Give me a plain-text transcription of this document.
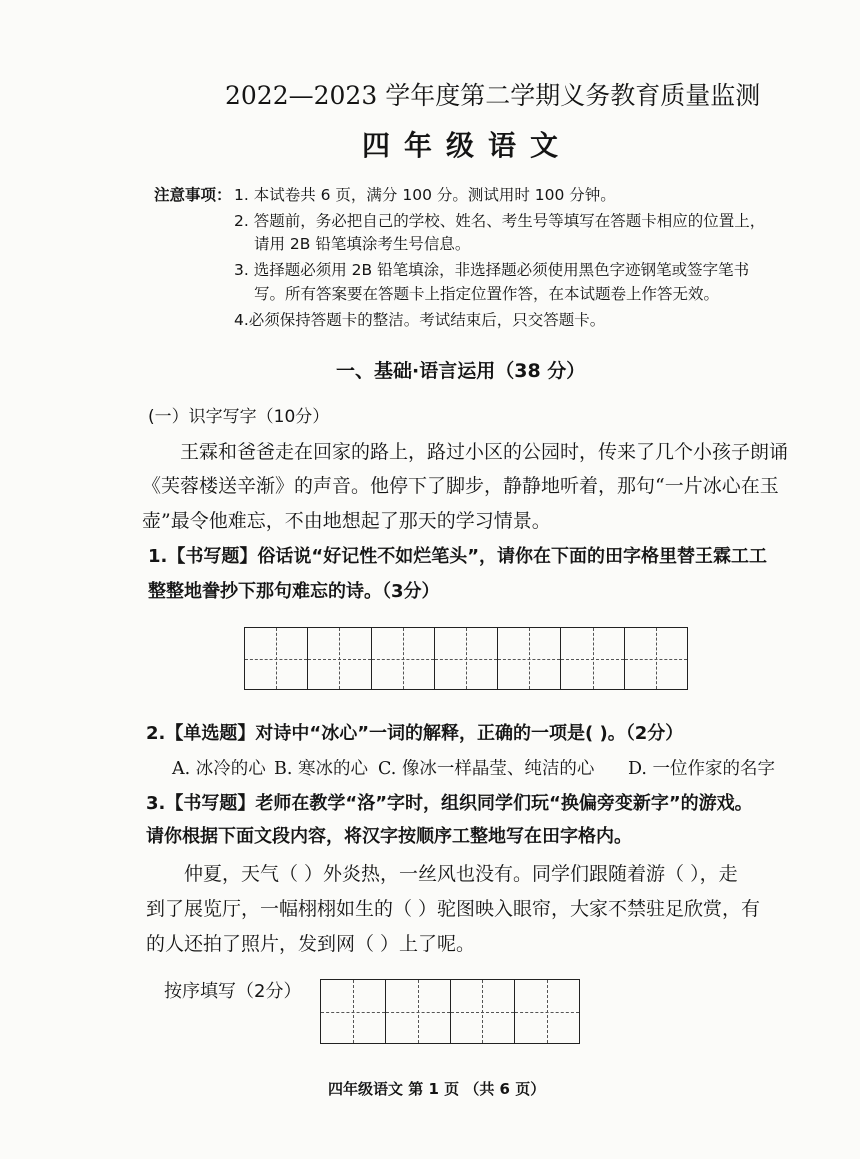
2022—2023 学年度第二学期义务教育质量监测
四年级语文
注意事项： 1. 本试卷共 6 页，满分 100 分。测试用时 100 分钟。
2. 答题前，务必把自己的学校、姓名、考生号等填写在答题卡相应的位置上，
请用 2B 铅笔填涂考生号信息。
3. 选择题必须用 2B 铅笔填涂，非选择题必须使用黑色字迹钢笔或签字笔书
写。所有答案要在答题卡上指定位置作答，在本试题卷上作答无效。
4.必须保持答题卡的整洁。考试结束后，只交答题卡。
一、基础·语言运用（38 分）
(一）识字写字（10分）
王霖和爸爸走在回家的路上，路过小区的公园时，传来了几个小孩子朗诵
《芙蓉楼送辛渐》的声音。他停下了脚步，静静地听着，那句“一片冰心在玉
壶”最令他难忘，不由地想起了那天的学习情景。
1.【书写题】俗话说“好记性不如烂笔头”，请你在下面的田字格里替王霖工工
整整地誊抄下那句难忘的诗。（3分）
2.【单选题】对诗中“冰心”一词的解释，正确的一项是( )。（2分）
A. 冰冷的心 B. 寒冰的心 C. 像冰一样晶莹、纯洁的心 D. 一位作家的名字
3.【书写题】老师在教学“洛”字时，组织同学们玩“换偏旁变新字”的游戏。
请你根据下面文段内容，将汉字按顺序工整地写在田字格内。
仲夏，天气（ ）外炎热，一丝风也没有。同学们跟随着游（ ），走
到了展览厅，一幅栩栩如生的（ ）驼图映入眼帘，大家不禁驻足欣赏，有
的人还拍了照片，发到网（ ）上了呢。
按序填写（2分）
四年级语文 第 1 页 （共 6 页）
